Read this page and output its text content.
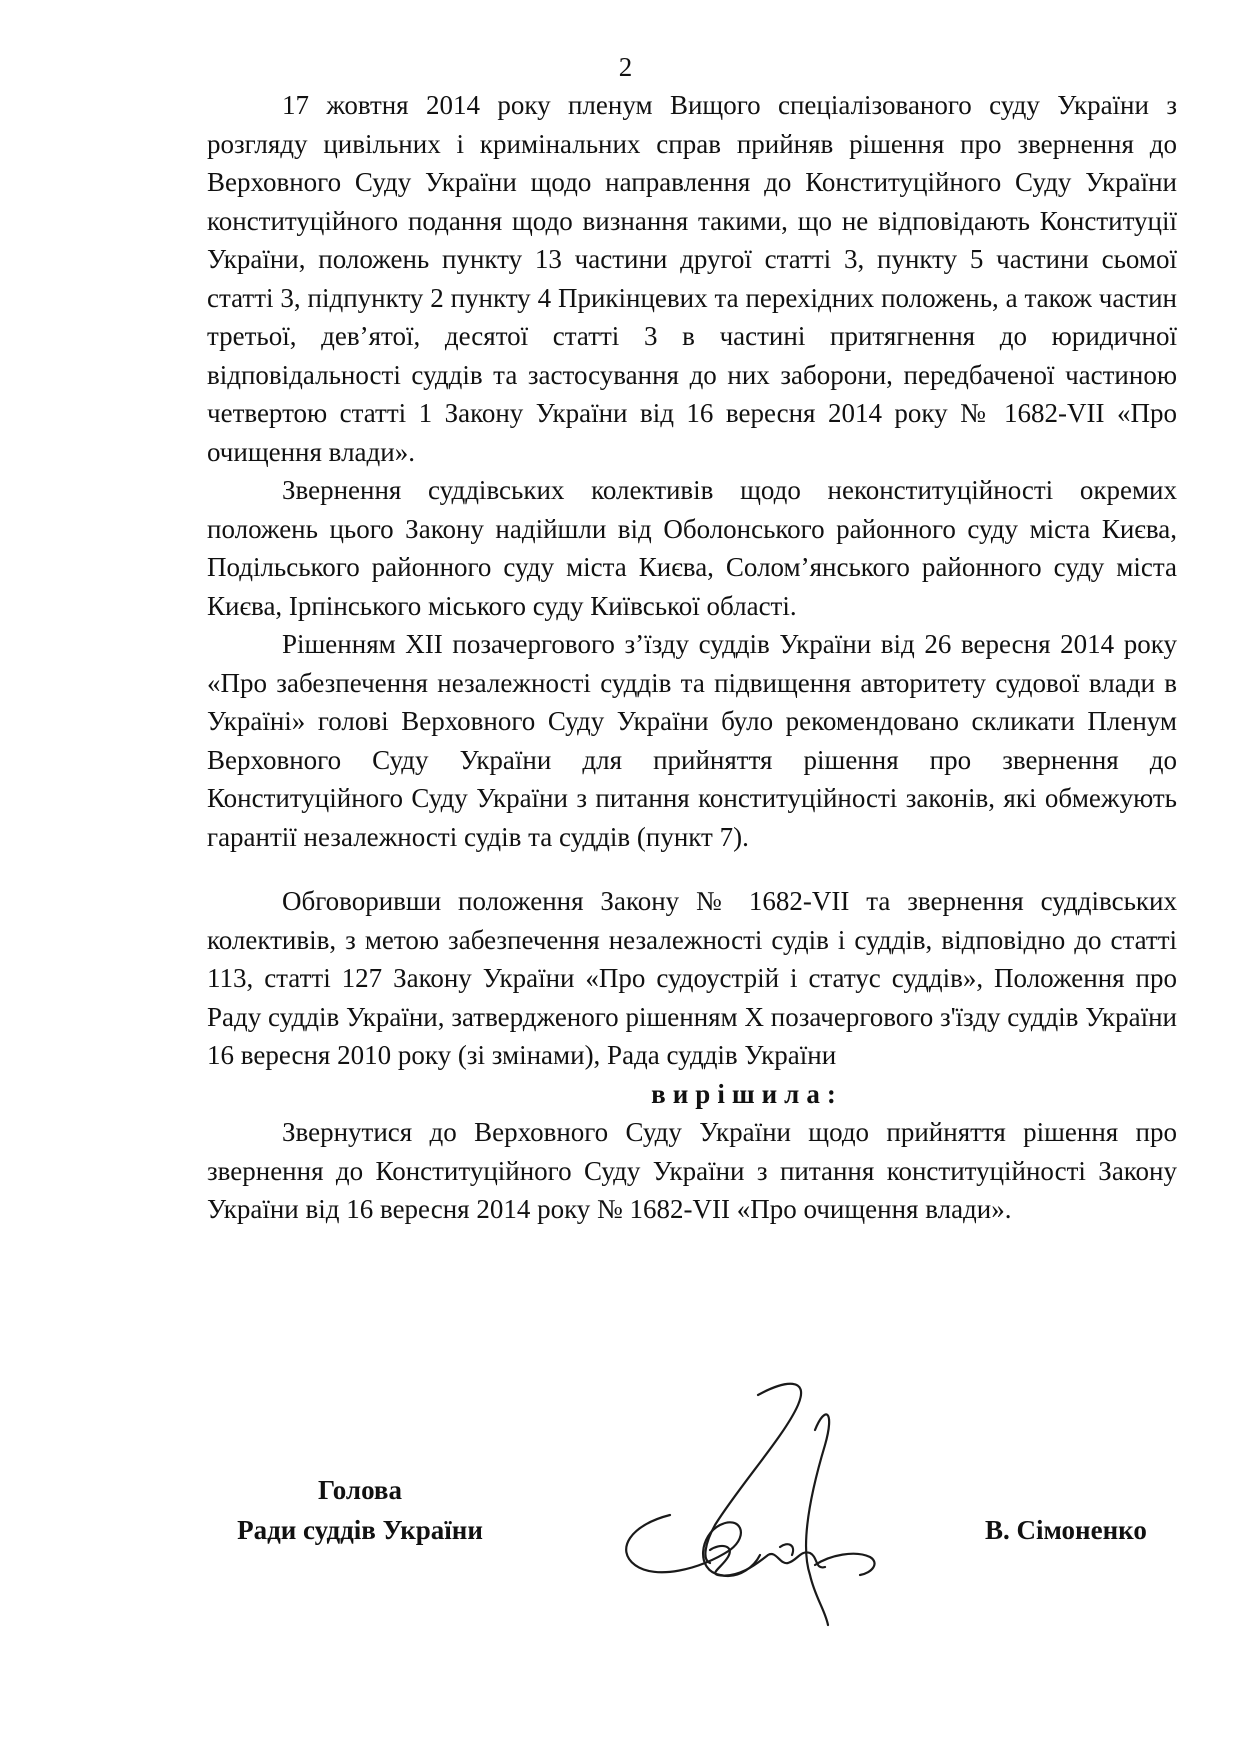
2

17 жовтня 2014 року пленум Вищого спеціалізованого суду України з розгляду цивільних і кримінальних справ прийняв рішення про звернення до Верховного Суду України щодо направлення до Конституційного Суду України конституційного подання щодо визнання такими, що не відповідають Конституції України, положень пункту 13 частини другої статті 3, пункту 5 частини сьомої статті 3, підпункту 2 пункту 4 Прикінцевих та перехідних положень, а також частин третьої, дев’ятої, десятої статті 3 в частині притягнення до юридичної відповідальності суддів та застосування до них заборони, передбаченої частиною четвертою статті 1 Закону України від 16 вересня 2014 року № 1682-VII «Про очищення влади».

Звернення суддівських колективів щодо неконституційності окремих положень цього Закону надійшли від Оболонського районного суду міста Києва, Подільського районного суду міста Києва, Солом’янського районного суду міста Києва, Ірпінського міського суду Київської області.

Рішенням XII позачергового з’їзду суддів України від 26 вересня 2014 року «Про забезпечення незалежності суддів та підвищення авторитету судової влади в Україні» голові Верховного Суду України було рекомендовано скликати Пленум Верховного Суду України для прийняття рішення про звернення до Конституційного Суду України з питання конституційності законів, які обмежують гарантії незалежності судів та суддів (пункт 7).

Обговоривши положення Закону № 1682-VII та звернення суддівських колективів, з метою забезпечення незалежності судів і суддів, відповідно до статті 113, статті 127 Закону України «Про судоустрій і статус суддів», Положення про Раду суддів України, затвердженого рішенням X позачергового з'їзду суддів України 16 вересня 2010 року (зі змінами), Рада суддів України

вирішила:

Звернутися до Верховного Суду України щодо прийняття рішення про звернення до Конституційного Суду України з питання конституційності Закону України від 16 вересня 2014 року № 1682-VII «Про очищення влади».

Голова
Ради суддів України	В. Сімоненко
